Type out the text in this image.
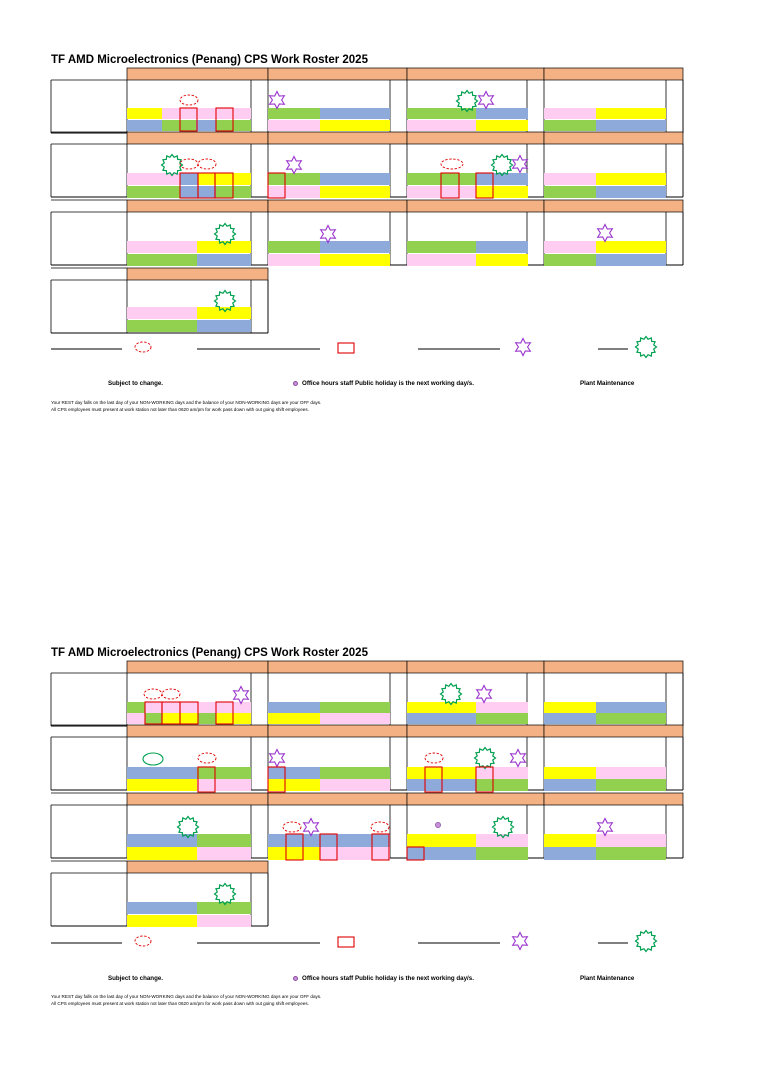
TF AMD Microelectronics (Penang) CPS Work Roster 2025
Subject to change.	Office hours staff Public holiday is the next working day/s.	Plant Maintenance
Your REST day falls on the last day of your NON-WORKING days and the balance of your NON-WORKING days are your OFF days.
All CPS employees must present at work station not later than 0620 am/pm for work pass down with out going shift employees.
TF AMD Microelectronics (Penang) CPS Work Roster 2025
Subject to change.	Office hours staff Public holiday is the next working day/s.	Plant Maintenance
Your REST day falls on the last day of your NON-WORKING days and the balance of your NON-WORKING days are your OFF days.
All CPS employees must present at work station not later than 0620 am/pm for work pass down with out going shift employees.
